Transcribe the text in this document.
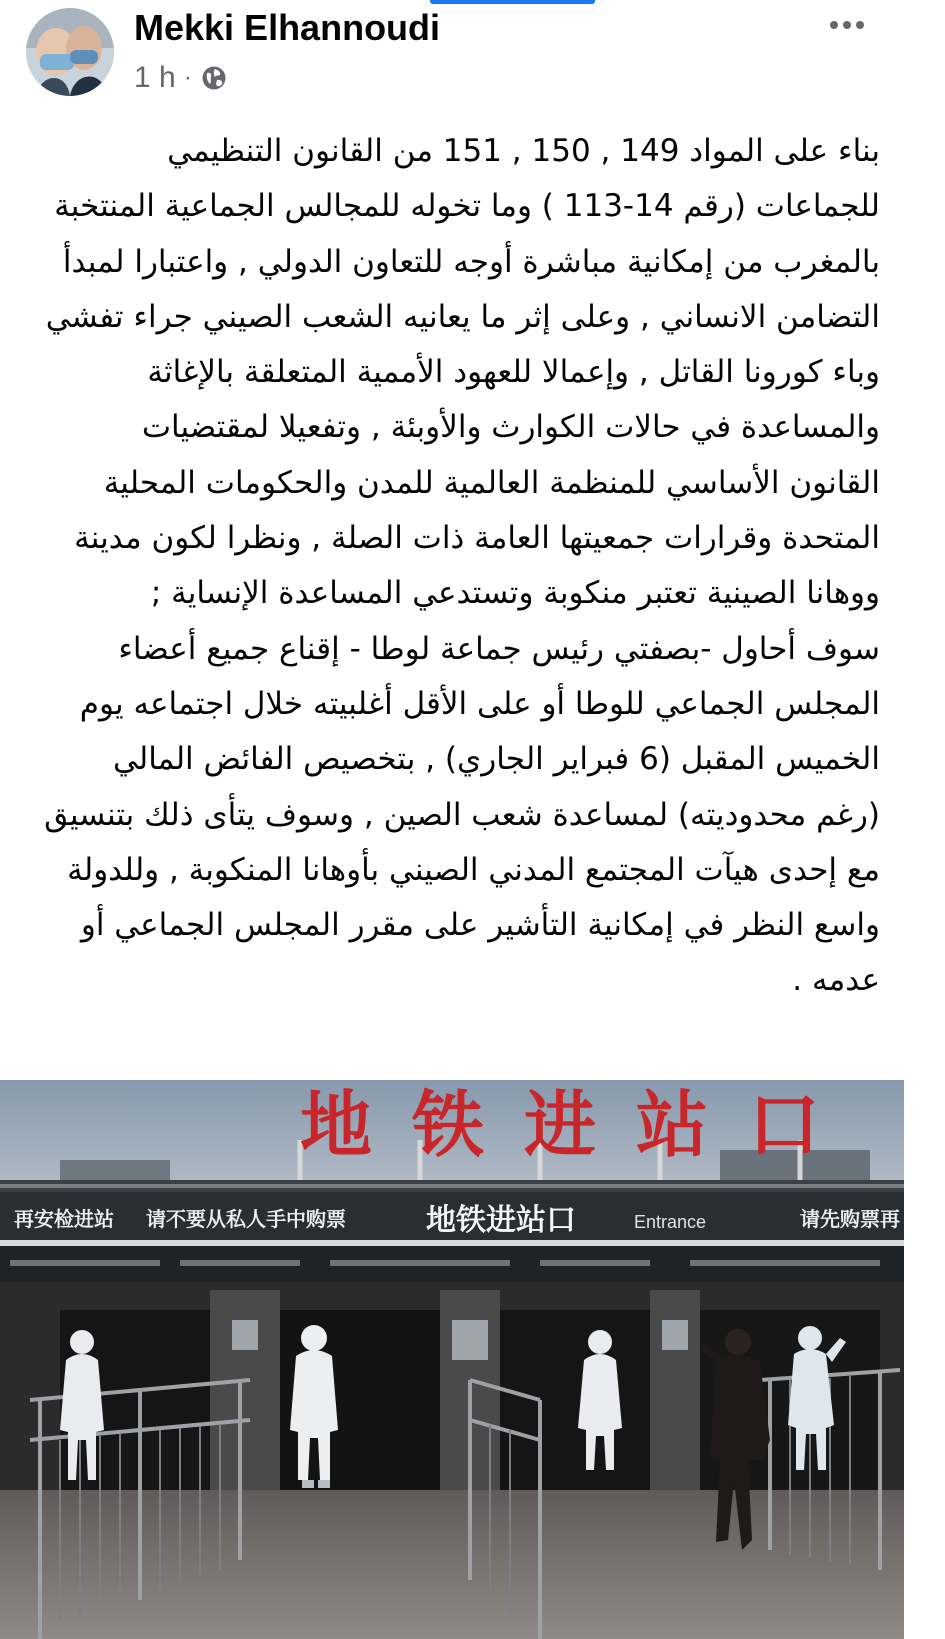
Mekki Elhannoudi
1 h ·

بناء على المواد 149 , 150 , 151 من القانون التنظيمي للجماعات (رقم 14-113 ) وما تخوله للمجالس الجماعية المنتخبة بالمغرب من إمكانية مباشرة أوجه للتعاون الدولي , واعتبارا لمبدأ التضامن الانساني , وعلى إثر ما يعانيه الشعب الصيني جراء تفشي وباء كورونا القاتل , وإعمالا للعهود الأممية المتعلقة بالإغاثة والمساعدة في حالات الكوارث والأوبئة , وتفعيلا لمقتضيات القانون الأساسي للمنظمة العالمية للمدن والحكومات المحلية المتحدة وقرارات جمعيتها العامة ذات الصلة , ونظرا لكون مدينة ووهانا الصينية تعتبر منكوبة وتستدعي المساعدة الإنساية ;

سوف أحاول -بصفتي رئيس جماعة لوطا - إقناع جميع أعضاء المجلس الجماعي للوطا أو على الأقل أغلبيته خلال اجتماعه يوم الخميس المقبل (6 فبراير الجاري) , بتخصيص الفائض المالي (رغم محدوديته) لمساعدة شعب الصين , وسوف يتأى ذلك بتنسيق مع إحدى هيآت المجتمع المدني الصيني بأوهانا المنكوبة , وللدولة واسع النظر في إمكانية التأشير على مقرر المجلس الجماعي أو عدمه .

地铁进站口
再安检进站 请不要从私人手中购票	地铁进站口	Entrance	请先购票再
